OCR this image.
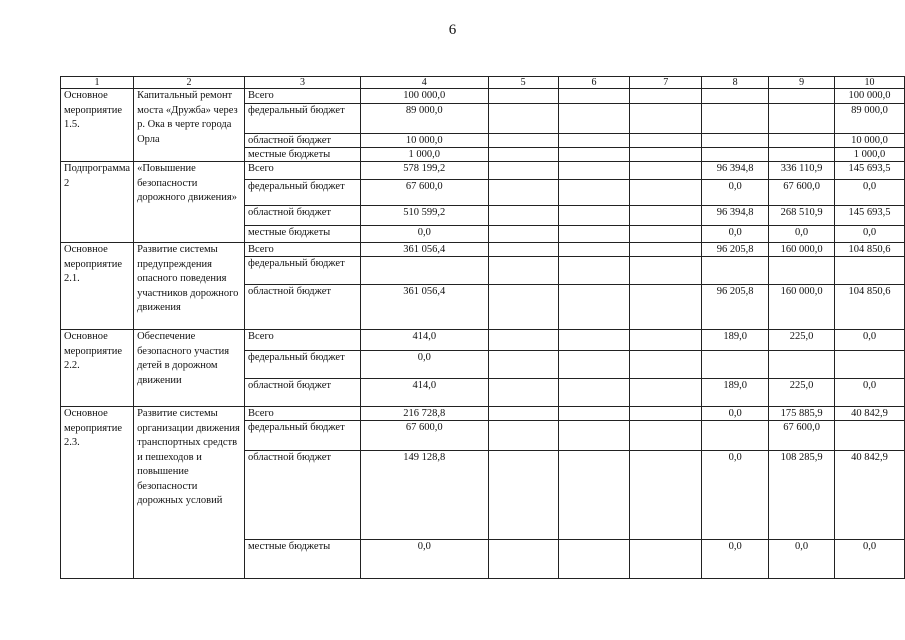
6
1	2	3	4	5	6	7	8	9	10
Основное мероприятие 1.5.	Капитальный ремонт моста «Дружба» через р. Ока в черте города Орла	Всего	100 000,0						100 000,0
		федеральный бюджет	89 000,0						89 000,0
		областной бюджет	10 000,0						10 000,0
		местные бюджеты	1 000,0						1 000,0
Подпрограмма 2	«Повышение безопасности дорожного движения»	Всего	578 199,2				96 394,8	336 110,9	145 693,5
		федеральный бюджет	67 600,0				0,0	67 600,0	0,0
		областной бюджет	510 599,2				96 394,8	268 510,9	145 693,5
		местные бюджеты	0,0				0,0	0,0	0,0
Основное мероприятие 2.1.	Развитие системы предупреждения опасного поведения участников дорожного движения	Всего	361 056,4				96 205,8	160 000,0	104 850,6
		федеральный бюджет							
		областной бюджет	361 056,4				96 205,8	160 000,0	104 850,6
Основное мероприятие 2.2.	Обеспечение безопасного участия детей в дорожном движении	Всего	414,0				189,0	225,0	0,0
		федеральный бюджет	0,0						
		областной бюджет	414,0				189,0	225,0	0,0
Основное мероприятие 2.3.	Развитие системы организации движения транспортных средств и пешеходов и повышение безопасности дорожных условий	Всего	216 728,8				0,0	175 885,9	40 842,9
		федеральный бюджет	67 600,0					67 600,0	
		областной бюджет	149 128,8				0,0	108 285,9	40 842,9
		местные бюджеты	0,0				0,0	0,0	0,0
